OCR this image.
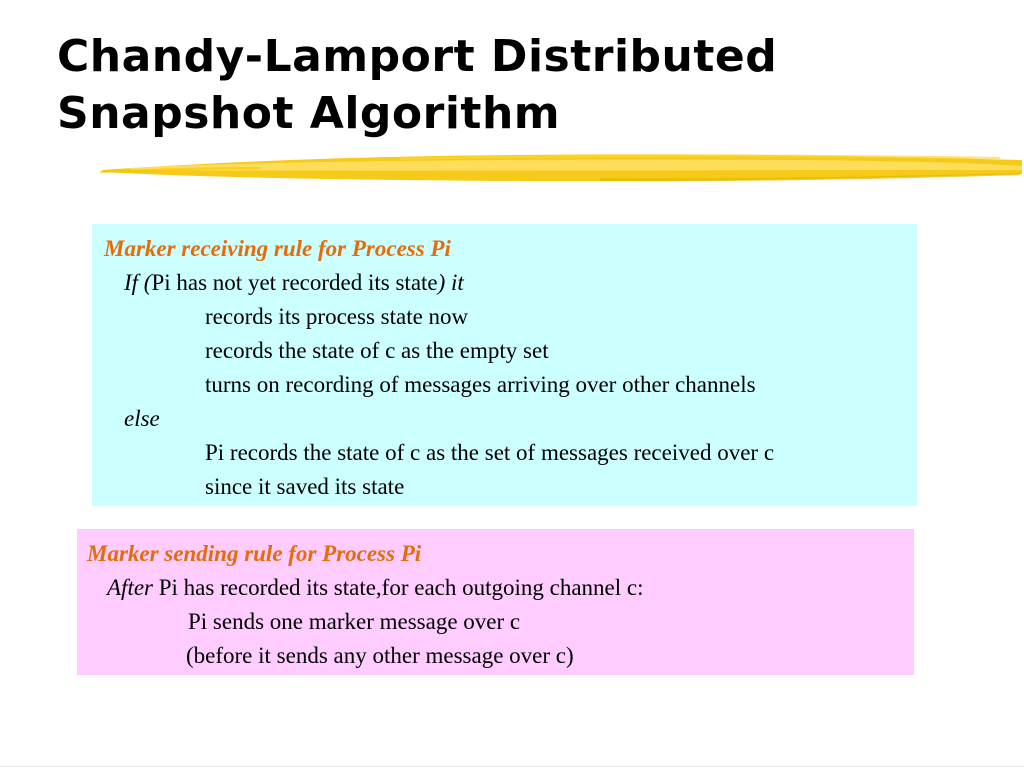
Chandy-Lamport Distributed
Snapshot Algorithm
Marker receiving rule for Process Pi
If (Pi has not yet recorded its state) it
records its process state now
records the state of c as the empty set
turns on recording of messages arriving over other channels
else
Pi records the state of c as the set of messages received over c
since it saved its state
Marker sending rule for Process Pi
After Pi has recorded its state,for each outgoing channel c:
Pi sends one marker message over c
(before it sends any other message over c)
